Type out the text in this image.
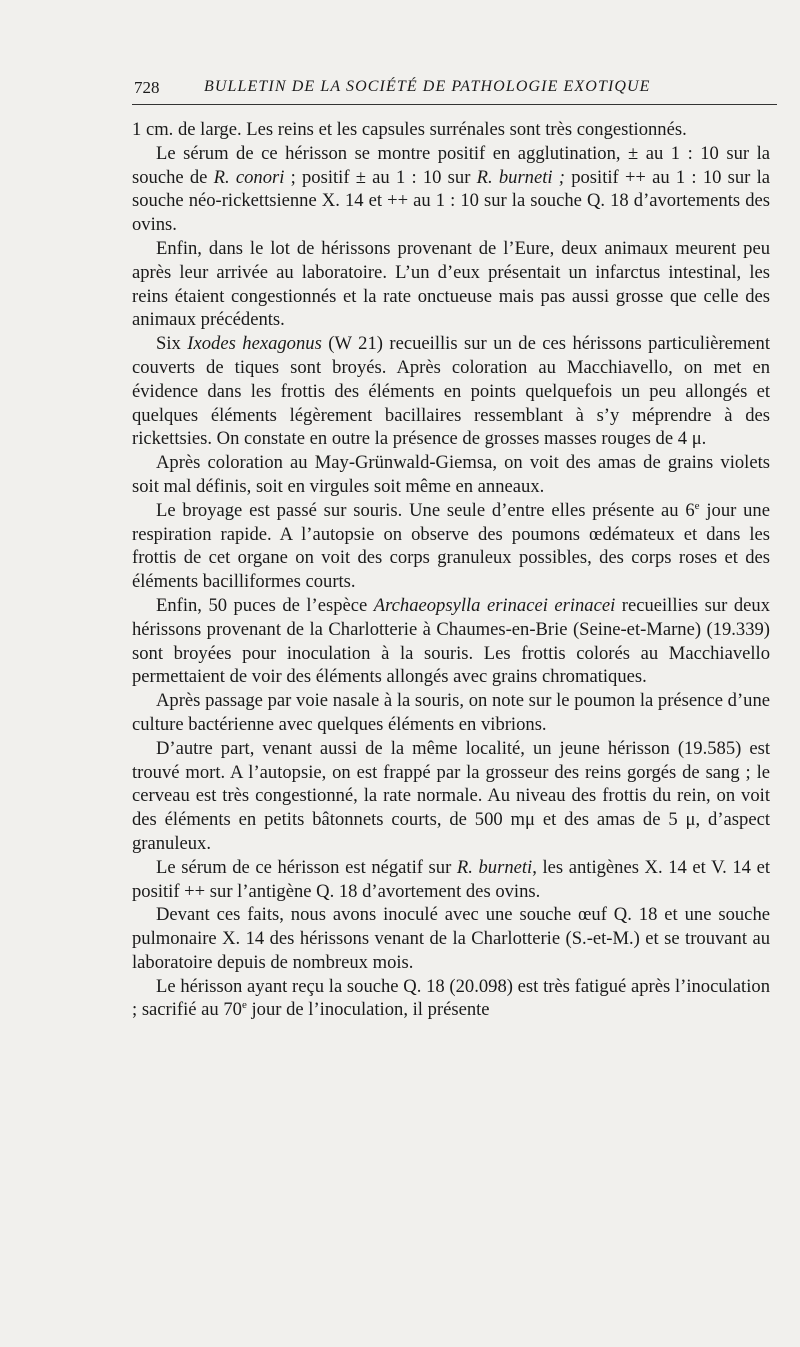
728	BULLETIN DE LA SOCIÉTÉ DE PATHOLOGIE EXOTIQUE

1 cm. de large. Les reins et les capsules surrénales sont très congestionnés.

Le sérum de ce hérisson se montre positif en agglutination, ± au 1 : 10 sur la souche de R. conori ; positif ± au 1 : 10 sur R. burneti ; positif ++ au 1 : 10 sur la souche néo-rickettsienne X. 14 et ++ au 1 : 10 sur la souche Q. 18 d’avortements des ovins.

Enfin, dans le lot de hérissons provenant de l’Eure, deux animaux meurent peu après leur arrivée au laboratoire. L’un d’eux présentait un infarctus intestinal, les reins étaient congestionnés et la rate onctueuse mais pas aussi grosse que celle des animaux précédents.

Six Ixodes hexagonus (W 21) recueillis sur un de ces hérissons particulièrement couverts de tiques sont broyés. Après coloration au Macchiavello, on met en évidence dans les frottis des éléments en points quelquefois un peu allongés et quelques éléments légèrement bacillaires ressemblant à s’y méprendre à des rickettsies. On constate en outre la présence de grosses masses rouges de 4 μ.

Après coloration au May-Grünwald-Giemsa, on voit des amas de grains violets soit mal définis, soit en virgules soit même en anneaux.

Le broyage est passé sur souris. Une seule d’entre elles présente au 6e jour une respiration rapide. A l’autopsie on observe des poumons œdémateux et dans les frottis de cet organe on voit des corps granuleux possibles, des corps roses et des éléments bacilliformes courts.

Enfin, 50 puces de l’espèce Archaeopsylla erinacei erinacei recueillies sur deux hérissons provenant de la Charlotterie à Chaumes-en-Brie (Seine-et-Marne) (19.339) sont broyées pour inoculation à la souris. Les frottis colorés au Macchiavello permettaient de voir des éléments allongés avec grains chromatiques.

Après passage par voie nasale à la souris, on note sur le poumon la présence d’une culture bactérienne avec quelques éléments en vibrions.

D’autre part, venant aussi de la même localité, un jeune hérisson (19.585) est trouvé mort. A l’autopsie, on est frappé par la grosseur des reins gorgés de sang ; le cerveau est très congestionné, la rate normale. Au niveau des frottis du rein, on voit des éléments en petits bâtonnets courts, de 500 mμ et des amas de 5 μ, d’aspect granuleux.

Le sérum de ce hérisson est négatif sur R. burneti, les antigènes X. 14 et V. 14 et positif ++ sur l’antigène Q. 18 d’avortement des ovins.

Devant ces faits, nous avons inoculé avec une souche œuf Q. 18 et une souche pulmonaire X. 14 des hérissons venant de la Charlotterie (S.-et-M.) et se trouvant au laboratoire depuis de nombreux mois.

Le hérisson ayant reçu la souche Q. 18 (20.098) est très fatigué après l’inoculation ; sacrifié au 70e jour de l’inoculation, il présente
